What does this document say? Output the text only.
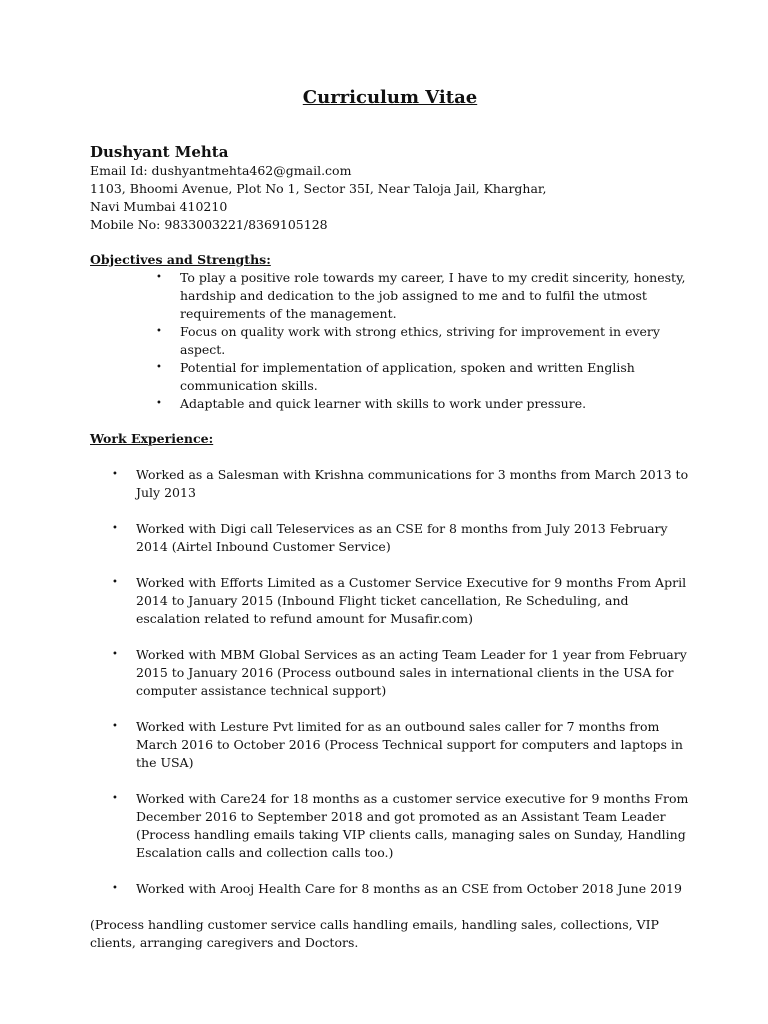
Curriculum Vitae
Dushyant Mehta

Email Id: dushyantmehta462@gmail.com

1103, Bhoomi Avenue, Plot No 1, Sector 35I, Near Taloja Jail, Kharghar,

Navi Mumbai 410210

Mobile No: 9833003221/8369105128

Objectives and Strengths:
• To play a positive role towards my career, I have to my credit sincerity, honesty, hardship and dedication to the job assigned to me and to fulfil the utmost requirements of the management.
• Focus on quality work with strong ethics, striving for improvement in every aspect.
• Potential for implementation of application, spoken and written English communication skills.
• Adaptable and quick learner with skills to work under pressure.
Work Experience:
• Worked as a Salesman with Krishna communications for 3 months from March 2013 to July 2013
• Worked with Digi call Teleservices as an CSE for 8 months from July 2013 February 2014 (Airtel Inbound Customer Service)
• Worked with Efforts Limited as a Customer Service Executive for 9 months From April 2014 to January 2015 (Inbound Flight ticket cancellation, Re Scheduling, and escalation related to refund amount for Musafir.com)
• Worked with MBM Global Services as an acting Team Leader for 1 year from February 2015 to January 2016 (Process outbound sales in international clients in the USA for computer assistance technical support)
• Worked with Lesture Pvt limited for as an outbound sales caller for 7 months from March 2016 to October 2016 (Process Technical support for computers and laptops in the USA)
• Worked with Care24 for 18 months as a customer service executive for 9 months From December 2016 to September 2018 and got promoted as an Assistant Team Leader (Process handling emails taking VIP clients calls, managing sales on Sunday, Handling Escalation calls and collection calls too.)
• Worked with Arooj Health Care for 8 months as an CSE from October 2018 June 2019

(Process handling customer service calls handling emails, handling sales, collections, VIP clients, arranging caregivers and Doctors.
